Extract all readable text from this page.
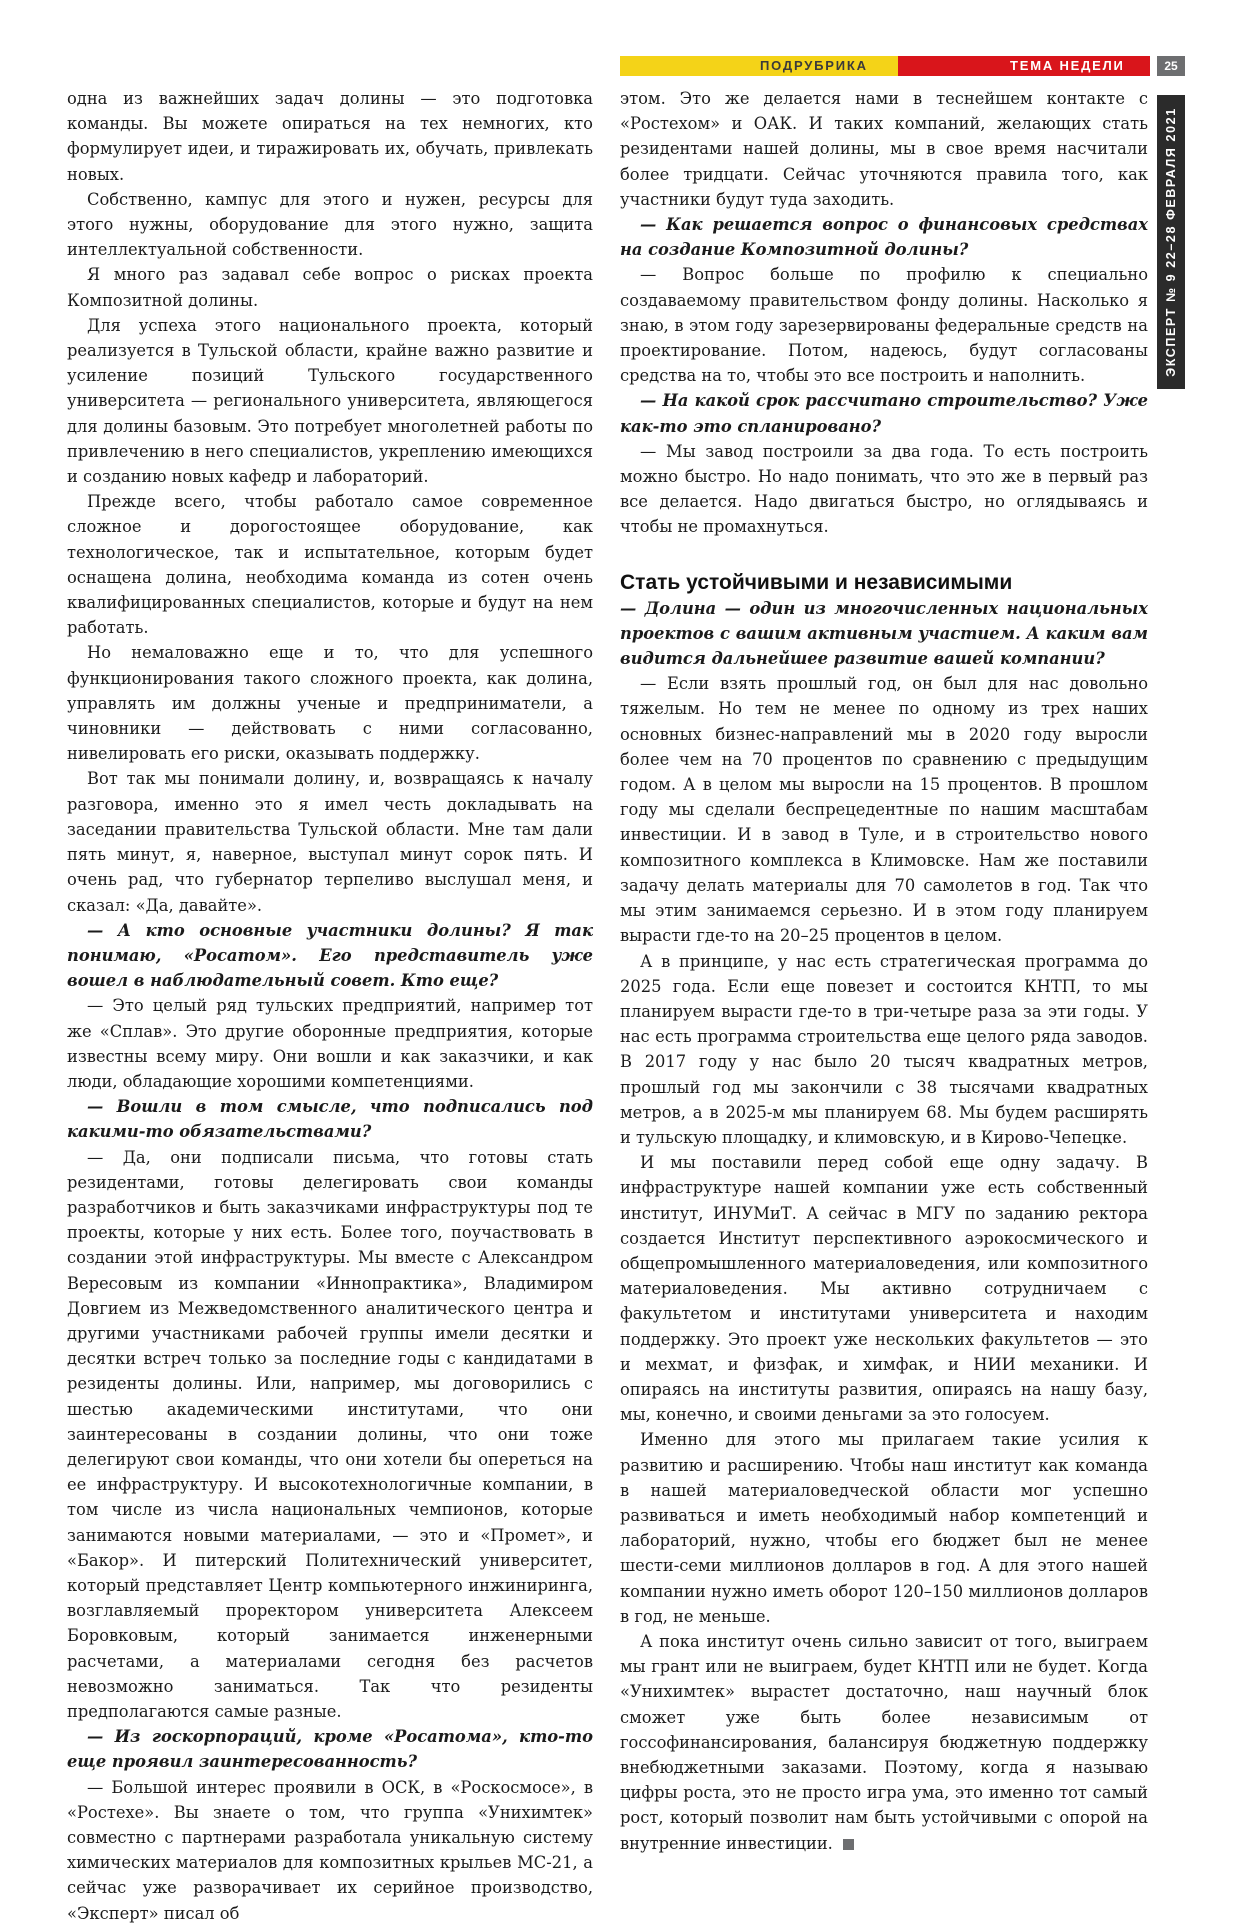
ПОДРУБРИКА	ТЕМА НЕДЕЛИ	25
ЭКСПЕРТ № 9 22–28 ФЕВРАЛЯ 2021

одна из важнейших задач долины — это подготовка команды. Вы можете опираться на тех немногих, кто формулирует идеи, и тиражировать их, обучать, привлекать новых.

Собственно, кампус для этого и нужен, ресурсы для этого нужны, оборудование для этого нужно, защита интеллектуальной собственности.

Я много раз задавал себе вопрос о рисках проекта Композитной долины.

Для успеха этого национального проекта, который реализуется в Тульской области, крайне важно развитие и усиление позиций Тульского государственного университета — регионального университета, являющегося для долины базовым. Это потребует многолетней работы по привлечению в него специалистов, укреплению имеющихся и созданию новых кафедр и лабораторий.

Прежде всего, чтобы работало самое современное сложное и дорогостоящее оборудование, как технологическое, так и испытательное, которым будет оснащена долина, необходима команда из сотен очень квалифицированных специалистов, которые и будут на нем работать.

Но немаловажно еще и то, что для успешного функционирования такого сложного проекта, как долина, управлять им должны ученые и предприниматели, а чиновники — действовать с ними согласованно, нивелировать его риски, оказывать поддержку.

Вот так мы понимали долину, и, возвращаясь к началу разговора, именно это я имел честь докладывать на заседании правительства Тульской области. Мне там дали пять минут, я, наверное, выступал минут сорок пять. И очень рад, что губернатор терпеливо выслушал меня, и сказал: «Да, давайте».

— А кто основные участники долины? Я так понимаю, «Росатом». Его представитель уже вошел в наблюдательный совет. Кто еще?

— Это целый ряд тульских предприятий, например тот же «Сплав». Это другие оборонные предприятия, которые известны всему миру. Они вошли и как заказчики, и как люди, обладающие хорошими компетенциями.

— Вошли в том смысле, что подписались под какими-то обязательствами?

— Да, они подписали письма, что готовы стать резидентами, готовы делегировать свои команды разработчиков и быть заказчиками инфраструктуры под те проекты, которые у них есть. Более того, поучаствовать в создании этой инфраструктуры. Мы вместе с Александром Вересовым из компании «Иннопрактика», Владимиром Довгием из Межведомственного аналитического центра и другими участниками рабочей группы имели десятки и десятки встреч только за последние годы с кандидатами в резиденты долины. Или, например, мы договорились с шестью академическими институтами, что они заинтересованы в создании долины, что они тоже делегируют свои команды, что они хотели бы опереться на ее инфраструктуру. И высокотехнологичные компании, в том числе из числа национальных чемпионов, которые занимаются новыми материалами, — это и «Промет», и «Бакор». И питерский Политехнический университет, который представляет Центр компьютерного инжиниринга, возглавляемый проректором университета Алексеем Боровковым, который занимается инженерными расчетами, а материалами сегодня без расчетов невозможно заниматься. Так что резиденты предполагаются самые разные.

— Из госкорпораций, кроме «Росатома», кто-то еще проявил заинтересованность?

— Большой интерес проявили в ОСК, в «Роскосмосе», в «Ростехе». Вы знаете о том, что группа «Унихимтек» совместно с партнерами разработала уникальную систему химических материалов для композитных крыльев МС-21, а сейчас уже разворачивает их серийное производство, «Эксперт» писал об

этом. Это же делается нами в теснейшем контакте с «Ростехом» и ОАК. И таких компаний, желающих стать резидентами нашей долины, мы в свое время насчитали более тридцати. Сейчас уточняются правила того, как участники будут туда заходить.

— Как решается вопрос о финансовых средствах на создание Композитной долины?

— Вопрос больше по профилю к специально создаваемому правительством фонду долины. Насколько я знаю, в этом году зарезервированы федеральные средств на проектирование. Потом, надеюсь, будут согласованы средства на то, чтобы это все построить и наполнить.

— На какой срок рассчитано строительство? Уже как-то это спланировано?

— Мы завод построили за два года. То есть построить можно быстро. Но надо понимать, что это же в первый раз все делается. Надо двигаться быстро, но оглядываясь и чтобы не промахнуться.

Стать устойчивыми и независимыми

— Долина — один из многочисленных национальных проектов с вашим активным участием. А каким вам видится дальнейшее развитие вашей компании?

— Если взять прошлый год, он был для нас довольно тяжелым. Но тем не менее по одному из трех наших основных бизнес-направлений мы в 2020 году выросли более чем на 70 процентов по сравнению с предыдущим годом. А в целом мы выросли на 15 процентов. В прошлом году мы сделали беспрецедентные по нашим масштабам инвестиции. И в завод в Туле, и в строительство нового композитного комплекса в Климовске. Нам же поставили задачу делать материалы для 70 самолетов в год. Так что мы этим занимаемся серьезно. И в этом году планируем вырасти где-то на 20–25 процентов в целом.

А в принципе, у нас есть стратегическая программа до 2025 года. Если еще повезет и состоится КНТП, то мы планируем вырасти где-то в три-четыре раза за эти годы. У нас есть программа строительства еще целого ряда заводов. В 2017 году у нас было 20 тысяч квадратных метров, прошлый год мы закончили с 38 тысячами квадратных метров, а в 2025-м мы планируем 68. Мы будем расширять и тульскую площадку, и климовскую, и в Кирово-Чепецке.

И мы поставили перед собой еще одну задачу. В инфраструктуре нашей компании уже есть собственный институт, ИНУМиТ. А сейчас в МГУ по заданию ректора создается Институт перспективного аэрокосмического и общепромышленного материаловедения, или композитного материаловедения. Мы активно сотрудничаем с факультетом и институтами университета и находим поддержку. Это проект уже нескольких факультетов — это и мехмат, и физфак, и химфак, и НИИ механики. И опираясь на институты развития, опираясь на нашу базу, мы, конечно, и своими деньгами за это голосуем.

Именно для этого мы прилагаем такие усилия к развитию и расширению. Чтобы наш институт как команда в нашей материаловедческой области мог успешно развиваться и иметь необходимый набор компетенций и лабораторий, нужно, чтобы его бюджет был не менее шести-семи миллионов долларов в год. А для этого нашей компании нужно иметь оборот 120–150 миллионов долларов в год, не меньше.

А пока институт очень сильно зависит от того, выиграем мы грант или не выиграем, будет КНТП или не будет. Когда «Унихимтек» вырастет достаточно, наш научный блок сможет уже быть более независимым от госсофинансирования, балансируя бюджетную поддержку внебюджетными заказами. Поэтому, когда я называю цифры роста, это не просто игра ума, это именно тот самый рост, который позволит нам быть устойчивыми с опорой на внутренние инвестиции.
